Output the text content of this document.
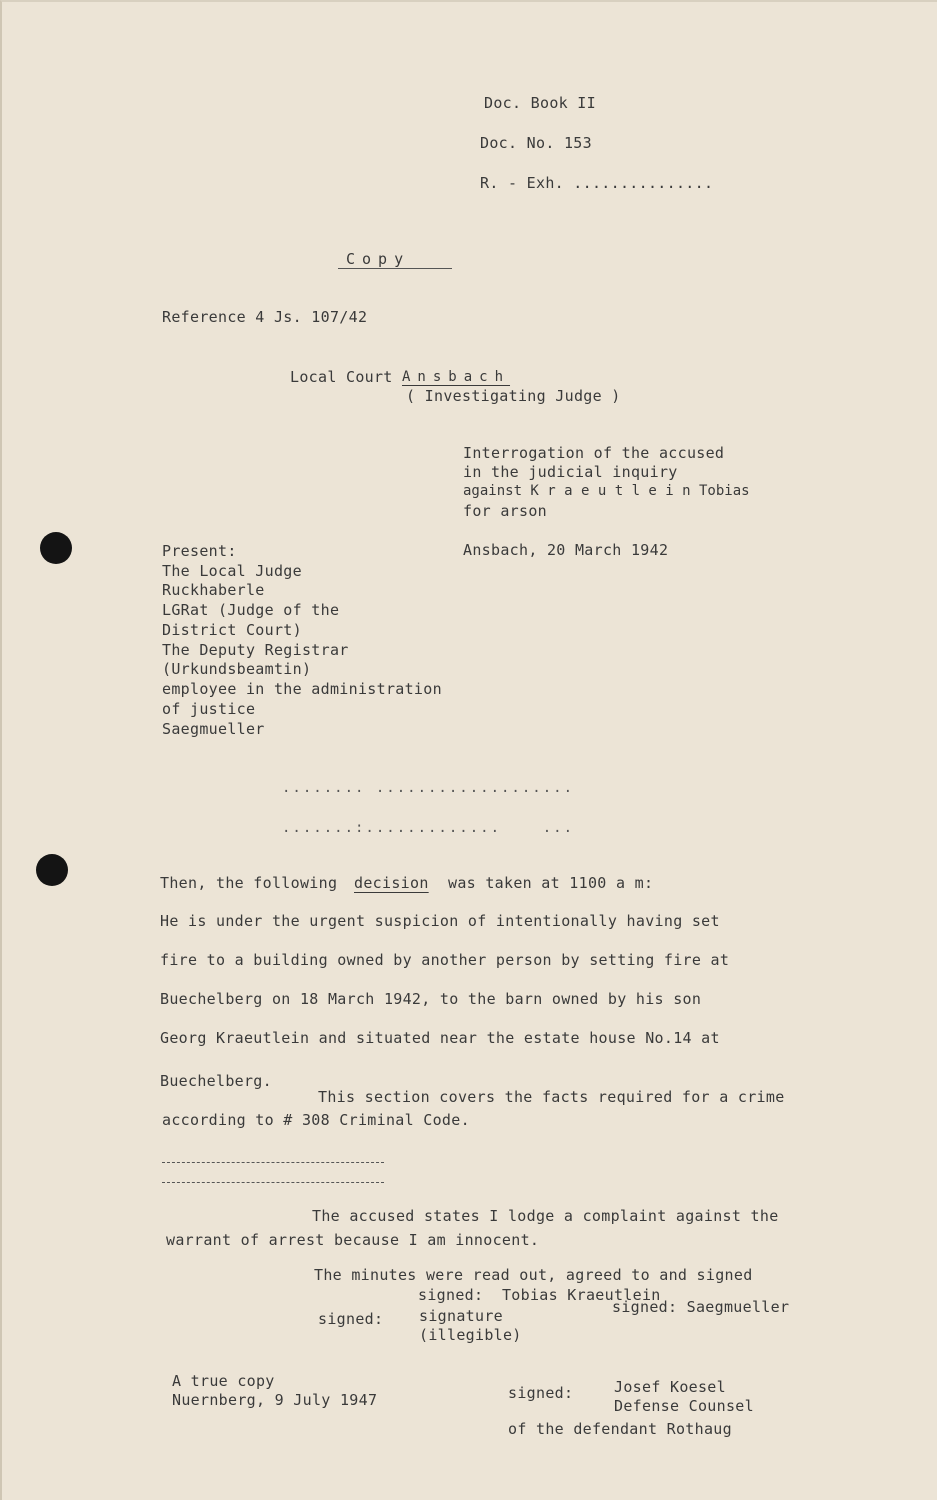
Doc. Book II
Doc. No. 153
R. - Exh. ...............
Copy
Reference 4 Js. 107/42
Local Court Ansbach
( Investigating Judge )
Interrogation of the accused
in the judicial inquiry
against K r a e u t l e i n Tobias
for arson
Ansbach, 20 March 1942
Present:
The Local Judge
Ruckhaberle
LGRat (Judge of the
District Court)
The Deputy Registrar
(Urkundsbeamtin)
employee in the administration
of justice
Saegmueller
........ ...................
.......:.............    ...
Then, the following decision was taken at 1100 a m:
He is under the urgent suspicion of intentionally having set
fire to a building owned by another person by setting fire at
Buechelberg on 18 March 1942, to the barn owned by his son
Georg Kraeutlein and situated near the estate house No.14 at
Buechelberg.
This section covers the facts required for a crime
according to # 308 Criminal Code.
The accused states I lodge a complaint against the
warrant of arrest because I am innocent.
The minutes were read out, agreed to and signed
signed:  Tobias Kraeutlein
signed: signature
(illegible)
signed: Saegmueller
A true copy
Nuernberg, 9 July 1947	signed:	Josef Koesel
Defense Counsel
of the defendant Rothaug
